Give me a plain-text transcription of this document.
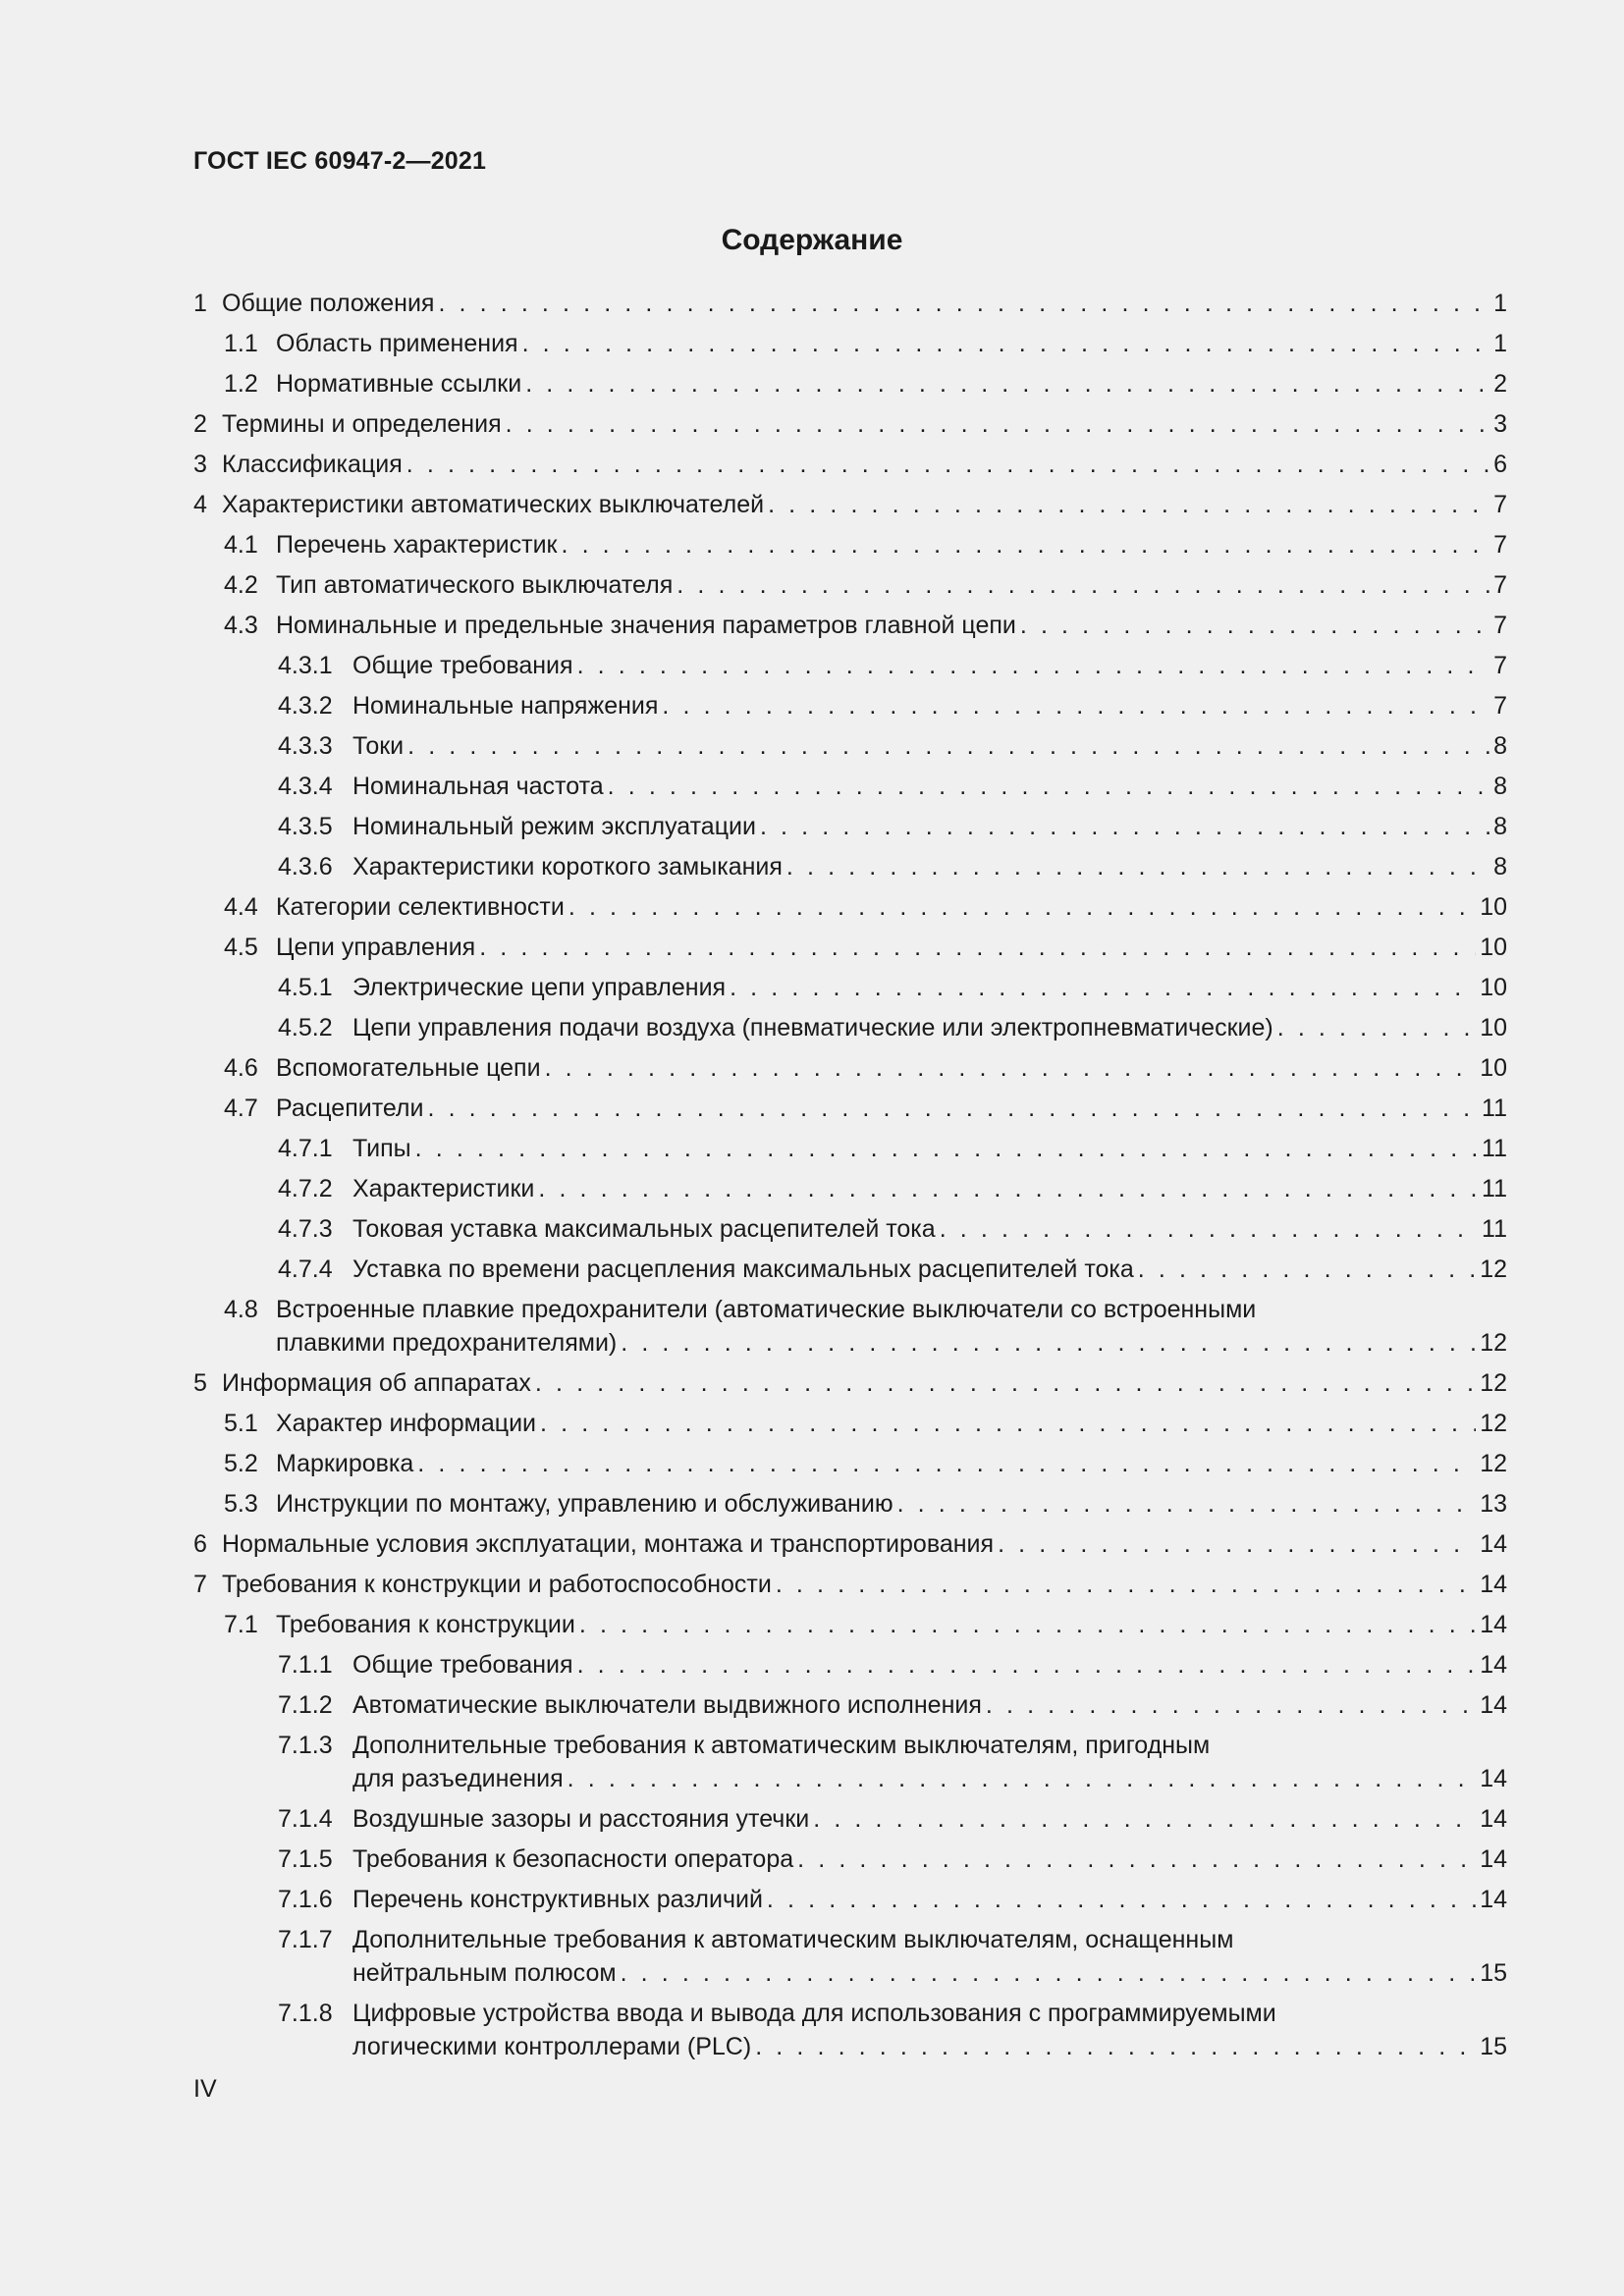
ГОСТ IEC 60947-2—2021
Содержание
1 Общие положения . . .	1
1.1 Область применения . . .	1
1.2 Нормативные ссылки . . .	2
2 Термины и определения . . .	3
3 Классификация . . .	6
4 Характеристики автоматических выключателей . . .	7
4.1 Перечень характеристик . . .	7
4.2 Тип автоматического выключателя . . .	7
4.3 Номинальные и предельные значения параметров главной цепи . . .	7
4.3.1 Общие требования . . .	7
4.3.2 Номинальные напряжения . . .	7
4.3.3 Токи . . .	8
4.3.4 Номинальная частота . . .	8
4.3.5 Номинальный режим эксплуатации . . .	8
4.3.6 Характеристики короткого замыкания . . .	8
4.4 Категории селективности . . .	10
4.5 Цепи управления . . .	10
4.5.1 Электрические цепи управления . . .	10
4.5.2 Цепи управления подачи воздуха (пневматические или электропневматические) . . .	10
4.6 Вспомогательные цепи . . .	10
4.7 Расцепители . . .	11
4.7.1 Типы . . .	11
4.7.2 Характеристики . . .	11
4.7.3 Токовая уставка максимальных расцепителей тока . . .	11
4.7.4 Уставка по времени расцепления максимальных расцепителей тока . . .	12
4.8 Встроенные плавкие предохранители (автоматические выключатели со встроенными
плавкими предохранителями) . . .	12
5 Информация об аппаратах . . .	12
5.1 Характер информации . . .	12
5.2 Маркировка . . .	12
5.3 Инструкции по монтажу, управлению и обслуживанию . . .	13
6 Нормальные условия эксплуатации, монтажа и транспортирования . . .	14
7 Требования к конструкции и работоспособности . . .	14
7.1 Требования к конструкции . . .	14
7.1.1 Общие требования . . .	14
7.1.2 Автоматические выключатели выдвижного исполнения . . .	14
7.1.3 Дополнительные требования к автоматическим выключателям, пригодным
для разъединения . . .	14
7.1.4 Воздушные зазоры и расстояния утечки . . .	14
7.1.5 Требования к безопасности оператора . . .	14
7.1.6 Перечень конструктивных различий . . .	14
7.1.7 Дополнительные требования к автоматическим выключателям, оснащенным
нейтральным полюсом . . .	15
7.1.8 Цифровые устройства ввода и вывода для использования с программируемыми
логическими контроллерами (PLC) . . .	15
IV
